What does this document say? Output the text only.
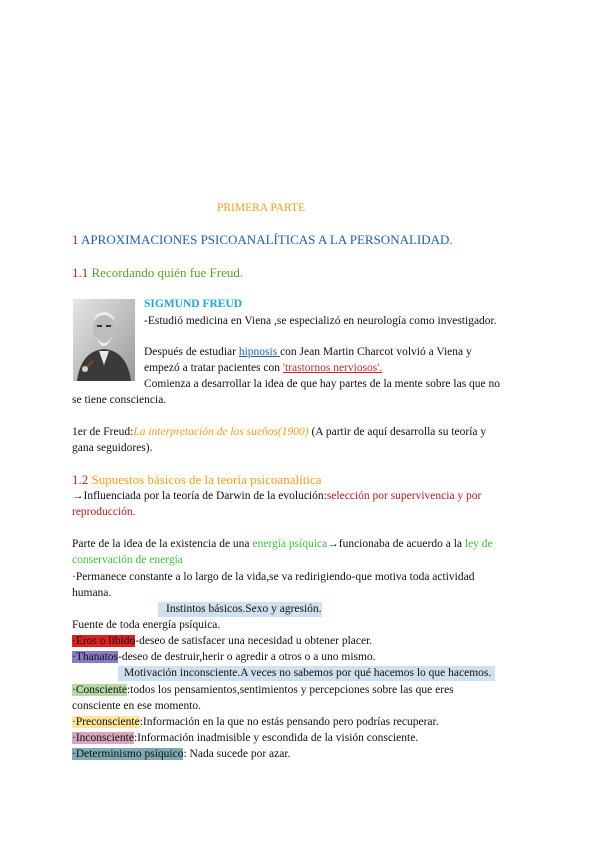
PRIMERA PARTE
1 APROXIMACIONES PSICOANALÍTICAS A LA PERSONALIDAD.
1.1 Recordando quién fue Freud.
SIGMUND FREUD
-Estudió medicina en Viena ,se especializó en neurología como investigador.
Después de estudiar hipnosis con Jean Martin Charcot volvió a Viena y
empezó a tratar pacientes con 'trastornos nerviosos'.
Comienza a desarrollar la idea de que hay partes de la mente sobre las que no
se tiene consciencia.
1er de Freud:La interpretación de los sueños(1900) (A partir de aquí desarrolla su teoría y
gana seguidores).
1.2 Supuestos básicos de la teoría psicoanalítica
→Influenciada por la teoría de Darwin de la evolución:selección por supervivencia y por
reproducción.
Parte de la idea de la existencia de una energía psíquica→funcionaba de acuerdo a la ley de
conservación de energía
·Permanece constante a lo largo de la vida,se va redirigiendo-que motiva toda actividad
humana.
Instintos básicos.Sexo y agresión.
Fuente de toda energía psíquica.
·Eros o libido-deseo de satisfacer una necesidad u obtener placer.
·Thanatos-deseo de destruir,herir o agredir a otros o a uno mismo.
Motivación inconsciente.A veces no sabemos por qué hacemos lo que hacemos.
·Consciente:todos los pensamientos,sentimientos y percepciones sobre las que eres
consciente en ese momento.
·Preconsciente:Información en la que no estás pensando pero podrías recuperar.
·Inconsciente:Información inadmisible y escondida de la visión consciente.
·Determinismo psíquico: Nada sucede por azar.
